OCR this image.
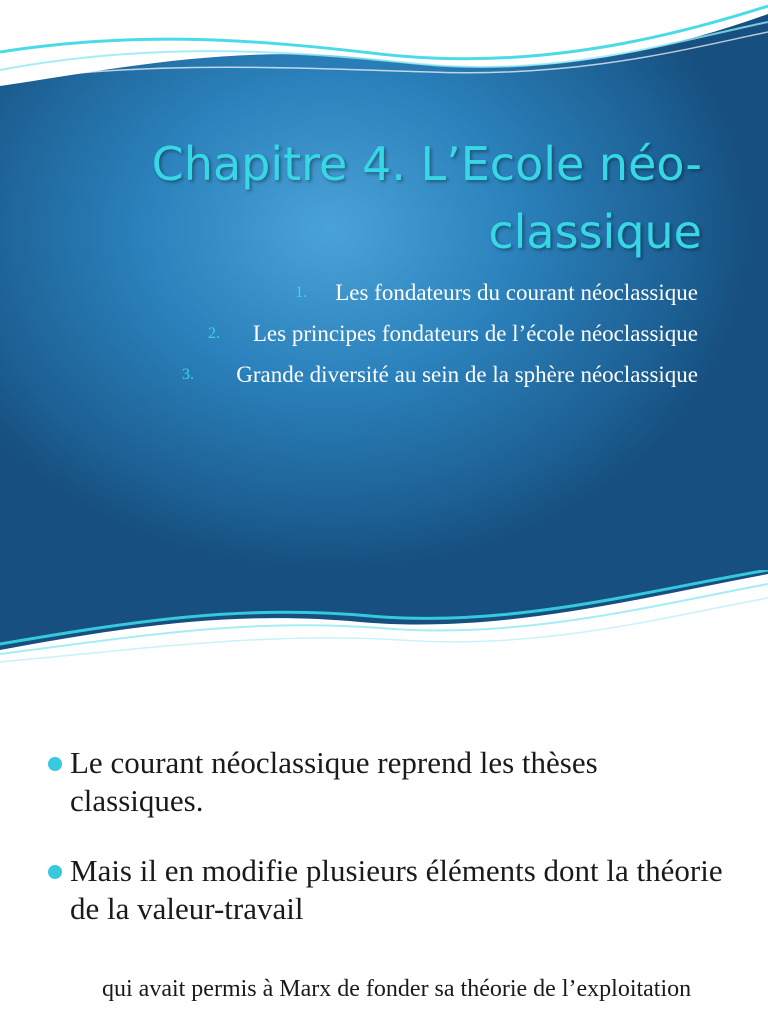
Chapitre 4. L’Ecole néo-
classique
1. Les fondateurs du courant néoclassique
2. Les principes fondateurs de l’école néoclassique
3.	Grande diversité au sein de la sphère néoclassique
Le courant néoclassique reprend les thèses classiques.
Mais il en modifie plusieurs éléments dont la théorie de la valeur-travail
qui avait permis à Marx de fonder sa théorie de l’exploitation
